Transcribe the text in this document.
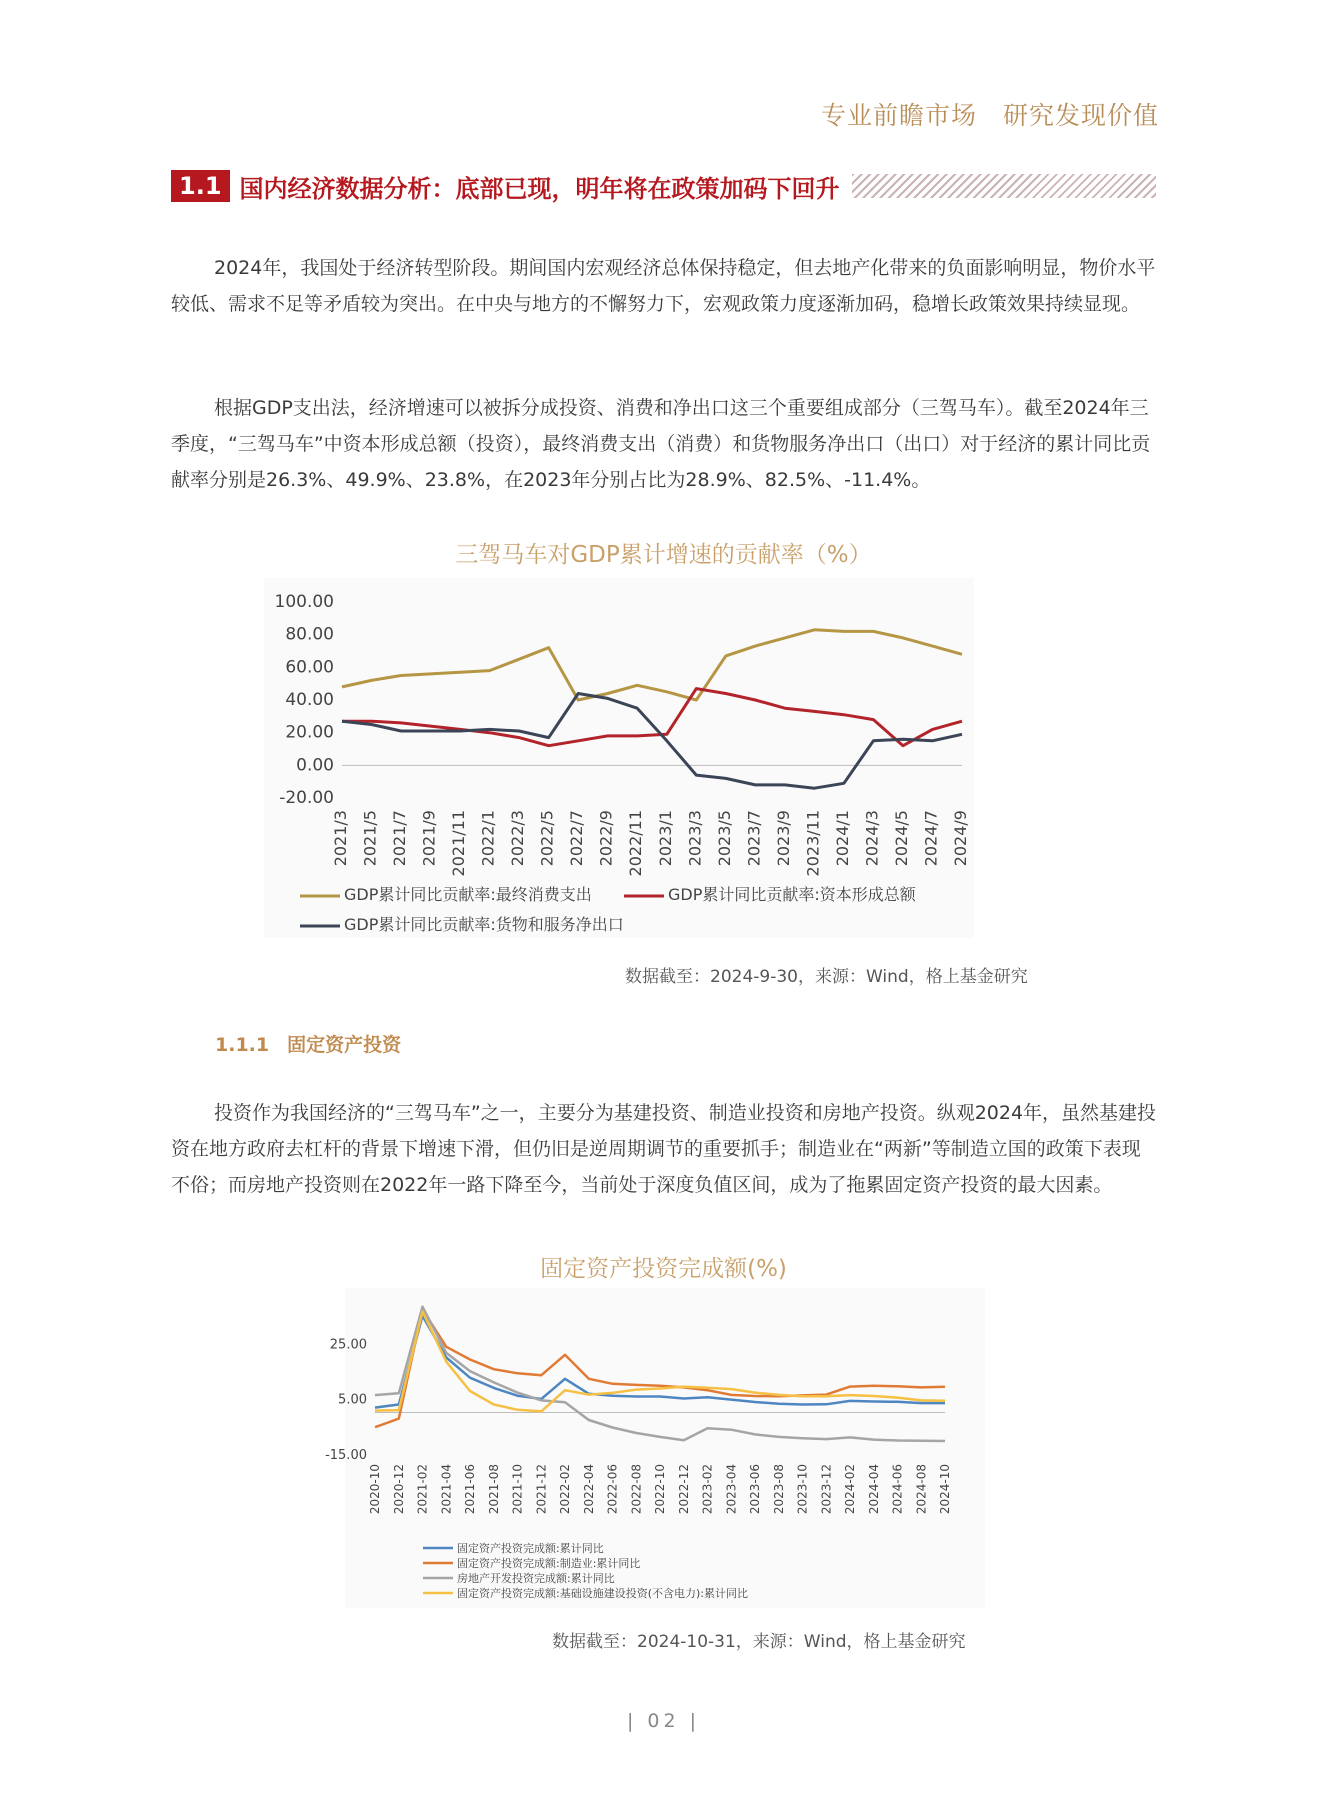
专业前瞻市场　研究发现价值
1.1 国内经济数据分析：底部已现，明年将在政策加码下回升

2024年，我国处于经济转型阶段。期间国内宏观经济总体保持稳定，但去地产化带来的负面影响明显，物价水平较低、需求不足等矛盾较为突出。在中央与地方的不懈努力下，宏观政策力度逐渐加码，稳增长政策效果持续显现。

根据GDP支出法，经济增速可以被拆分成投资、消费和净出口这三个重要组成部分（三驾马车）。截至2024年三季度，“三驾马车”中资本形成总额（投资），最终消费支出（消费）和货物服务净出口（出口）对于经济的累计同比贡献率分别是26.3%、49.9%、23.8%，在2023年分别占比为28.9%、82.5%、-11.4%。

三驾马车对GDP累计增速的贡献率（%）
100.00
80.00
60.00
40.00
20.00
0.00
-20.00
2021/3 2021/5 2021/7 2021/9 2021/11 2022/1 2022/3 2022/5 2022/7 2022/9 2022/11 2023/1 2023/3 2023/5 2023/7 2023/9 2023/11 2024/1 2024/3 2024/5 2024/7 2024/9
GDP累计同比贡献率:最终消费支出	GDP累计同比贡献率:资本形成总额
GDP累计同比贡献率:货物和服务净出口
数据截至：2024-9-30，来源：Wind，格上基金研究
1.1.1 固定资产投资

投资作为我国经济的“三驾马车”之一，主要分为基建投资、制造业投资和房地产投资。纵观2024年，虽然基建投资在地方政府去杠杆的背景下增速下滑，但仍旧是逆周期调节的重要抓手；制造业在“两新”等制造立国的政策下表现不俗；而房地产投资则在2022年一路下降至今，当前处于深度负值区间，成为了拖累固定资产投资的最大因素。

固定资产投资完成额(%)
25.00
5.00
-15.00
2020-10 2020-12 2021-02 2021-04 2021-06 2021-08 2021-10 2021-12 2022-02 2022-04 2022-06 2022-08 2022-10 2022-12 2023-02 2023-04 2023-06 2023-08 2023-10 2023-12 2024-02 2024-04 2024-06 2024-08 2024-10
固定资产投资完成额:累计同比
固定资产投资完成额:制造业:累计同比
房地产开发投资完成额:累计同比
固定资产投资完成额:基础设施建设投资(不含电力):累计同比
数据截至：2024-10-31，来源：Wind，格上基金研究
| 02 |
